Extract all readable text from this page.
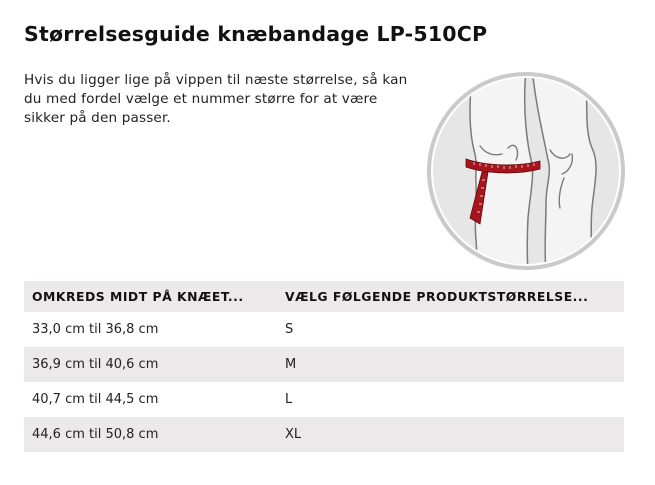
Størrelsesguide knæbandage LP-510CP

Hvis du ligger lige på vippen til næste størrelse, så kan du med fordel vælge et nummer større for at være sikker på den passer.

OMKREDS MIDT PÅ KNÆET...	VÆLG FØLGENDE PRODUKTSTØRRELSE...
33,0 cm til 36,8 cm	S
36,9 cm til 40,6 cm	M
40,7 cm til 44,5 cm	L
44,6 cm til 50,8 cm	XL
